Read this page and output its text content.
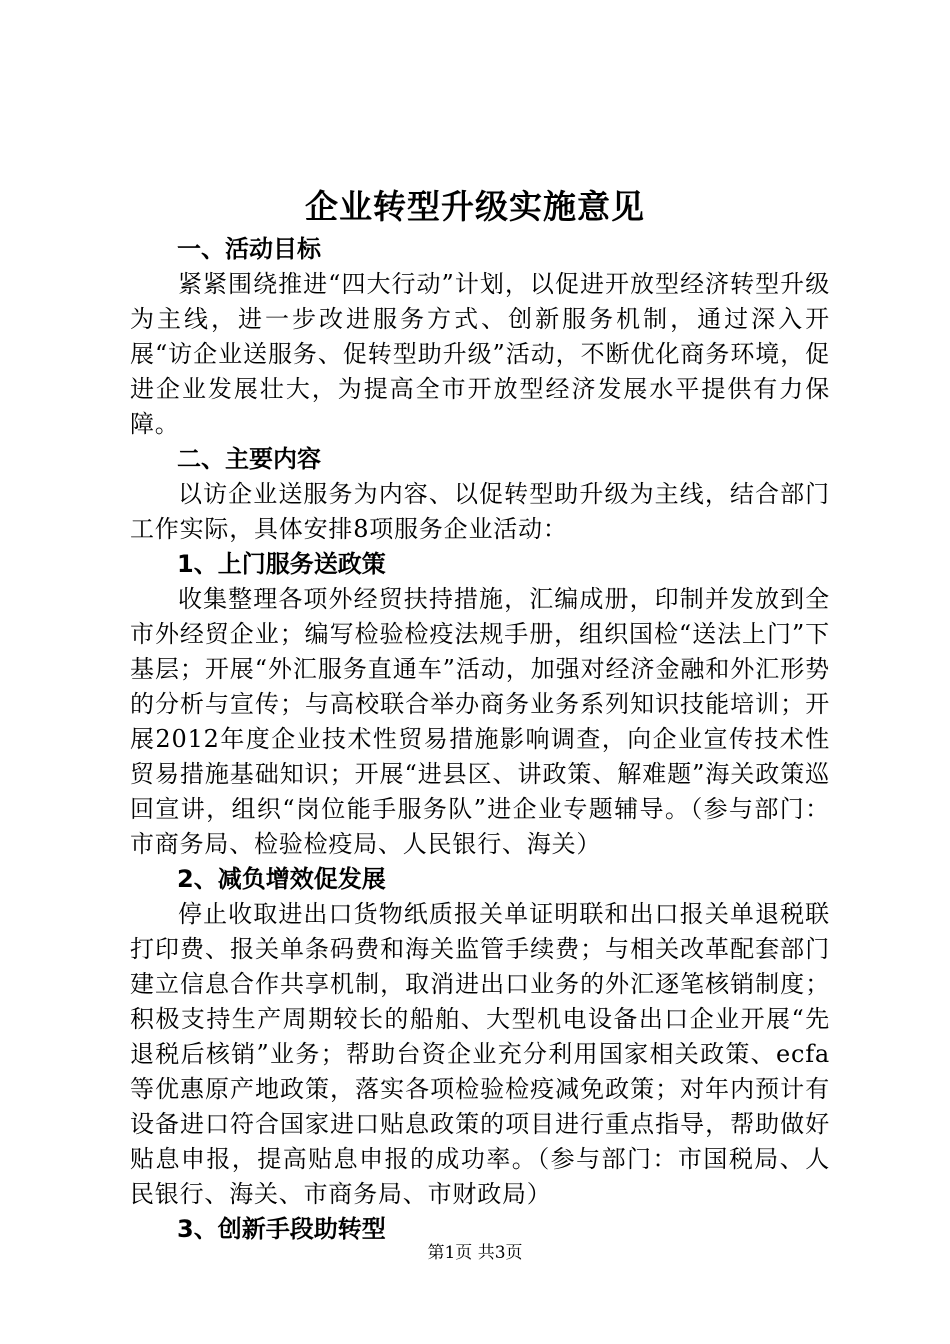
企业转型升级实施意见
一、活动目标

紧紧围绕推进“四大行动”计划，以促进开放型经济转型升级为主线，进一步改进服务方式、创新服务机制，通过深入开展“访企业送服务、促转型助升级”活动，不断优化商务环境，促进企业发展壮大，为提高全市开放型经济发展水平提供有力保障。

二、主要内容

以访企业送服务为内容、以促转型助升级为主线，结合部门工作实际，具体安排8项服务企业活动：

1、上门服务送政策

收集整理各项外经贸扶持措施，汇编成册，印制并发放到全市外经贸企业；编写检验检疫法规手册，组织国检“送法上门”下基层；开展“外汇服务直通车”活动，加强对经济金融和外汇形势的分析与宣传；与高校联合举办商务业务系列知识技能培训；开展2012年度企业技术性贸易措施影响调查，向企业宣传技术性贸易措施基础知识；开展“进县区、讲政策、解难题”海关政策巡回宣讲，组织“岗位能手服务队”进企业专题辅导。（参与部门：市商务局、检验检疫局、人民银行、海关）

2、减负增效促发展

停止收取进出口货物纸质报关单证明联和出口报关单退税联打印费、报关单条码费和海关监管手续费；与相关改革配套部门建立信息合作共享机制，取消进出口业务的外汇逐笔核销制度；积极支持生产周期较长的船舶、大型机电设备出口企业开展“先退税后核销”业务；帮助台资企业充分利用国家相关政策、ecfa等优惠原产地政策，落实各项检验检疫减免政策；对年内预计有设备进口符合国家进口贴息政策的项目进行重点指导，帮助做好贴息申报，提高贴息申报的成功率。（参与部门：市国税局、人民银行、海关、市商务局、市财政局）

3、创新手段助转型
第1页 共3页
